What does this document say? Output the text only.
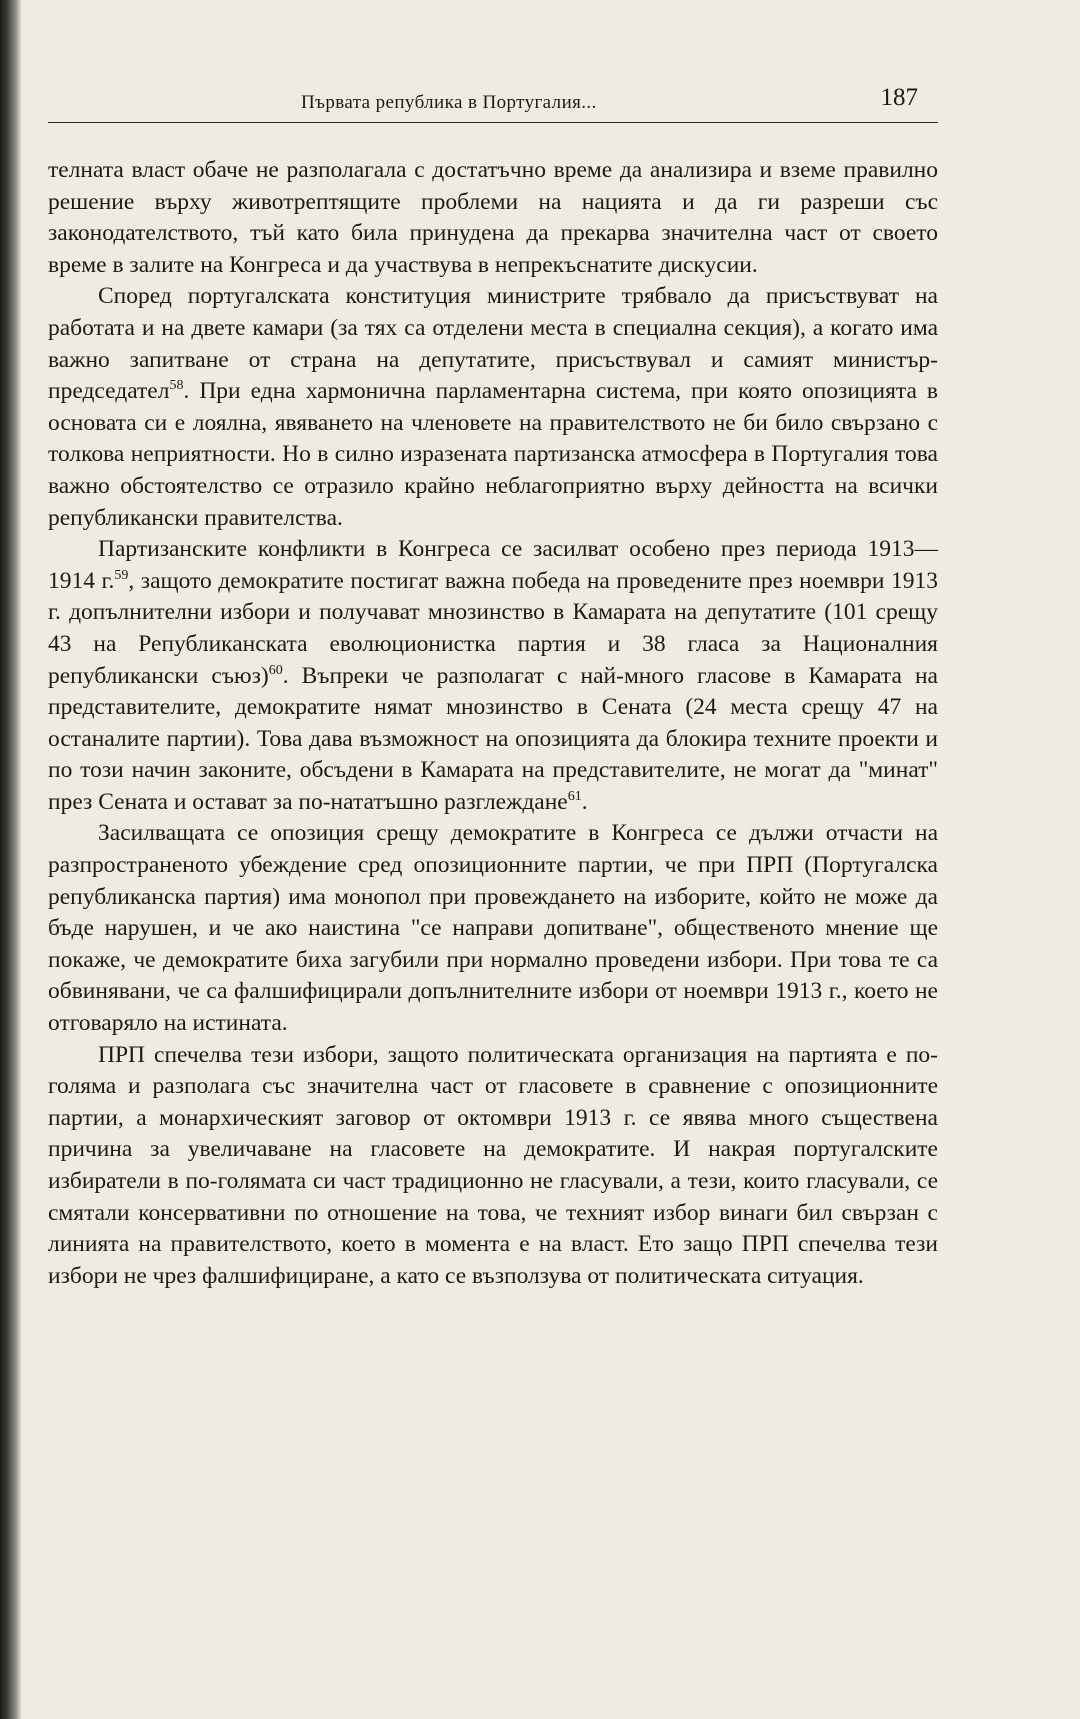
Първата република в Португалия...	187

телната власт обаче не разполагала с достатъчно време да анализира и вземе правилно решение върху животрептящите проблеми на нацията и да ги разреши със законодателството, тъй като била принудена да прекарва значителна част от своето време в залите на Конгреса и да участвува в непрекъснатите дискусии.

Според португалската конституция министрите трябвало да присъствуват на работата и на двете камари (за тях са отделени места в специална секция), а когато има важно запитване от страна на депутатите, присъствувал и самият министър-председател$^{58}$. При една хармонична парламентарна система, при която опозицията в основата си е лоялна, явяването на членовете на правителството не би било свързано с толкова неприятности. Но в силно изразената партизанска атмосфера в Португалия това важно обстоятелство се отразило крайно неблагоприятно върху дейността на всички републикански правителства.

Партизанските конфликти в Конгреса се засилват особено през периода 1913—1914 г.$^{59}$, защото демократите постигат важна победа на проведените през ноември 1913 г. допълнителни избори и получават мнозинство в Камарата на депутатите (101 срещу 43 на Републиканската еволюционистка партия и 38 гласа за Националния републикански съюз)$^{60}$. Въпреки че разполагат с най-много гласове в Камарата на представителите, демократите нямат мнозинство в Сената (24 места срещу 47 на останалите партии). Това дава възможност на опозицията да блокира техните проекти и по този начин законите, обсъдени в Камарата на представителите, не могат да "минат" през Сената и остават за по-нататъшно разглеждане$^{61}$.

Засилващата се опозиция срещу демократите в Конгреса се дължи отчасти на разпространеното убеждение сред опозиционните партии, че при ПРП (Португалска републиканска партия) има монопол при провеждането на изборите, който не може да бъде нарушен, и че ако наистина "се направи допитване", общественото мнение ще покаже, че демократите биха загубили при нормално проведени избори. При това те са обвинявани, че са фалшифицирали допълнителните избори от ноември 1913 г., което не отговаряло на истината.

ПРП спечелва тези избори, защото политическата организация на партията е по-голяма и разполага със значителна част от гласовете в сравнение с опозиционните партии, а монархическият заговор от октомври 1913 г. се явява много съществена причина за увеличаване на гласовете на демократите. И накрая португалските избиратели в по-голямата си част традиционно не гласували, а тези, които гласували, се смятали консервативни по отношение на това, че техният избор винаги бил свързан с линията на правителството, което в момента е на власт. Ето защо ПРП спечелва тези избори не чрез фалшифициране, а като се възползува от политическата ситуация.
